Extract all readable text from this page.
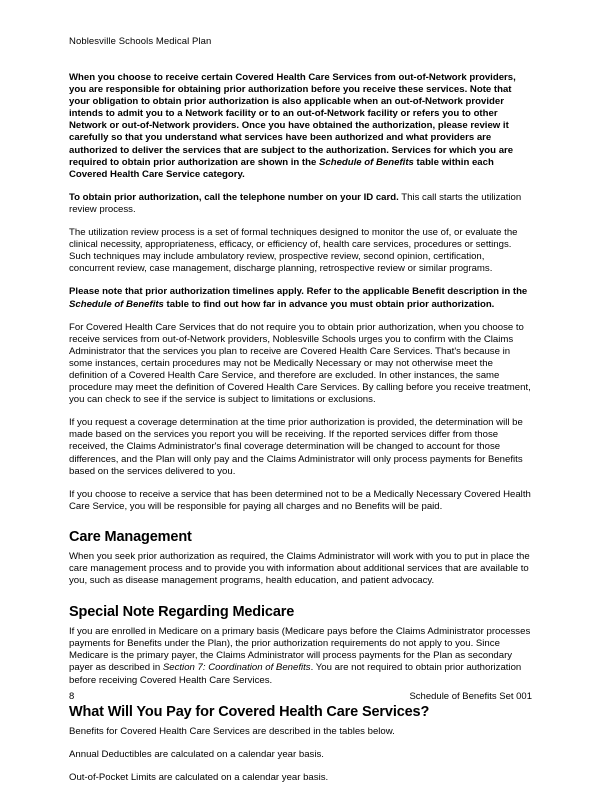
Noblesville Schools Medical Plan

When you choose to receive certain Covered Health Care Services from out-of-Network providers, you are responsible for obtaining prior authorization before you receive these services. Note that your obligation to obtain prior authorization is also applicable when an out-of-Network provider intends to admit you to a Network facility or to an out-of-Network facility or refers you to other Network or out-of-Network providers. Once you have obtained the authorization, please review it carefully so that you understand what services have been authorized and what providers are authorized to deliver the services that are subject to the authorization. Services for which you are required to obtain prior authorization are shown in the Schedule of Benefits table within each Covered Health Care Service category.

To obtain prior authorization, call the telephone number on your ID card. This call starts the utilization review process.

The utilization review process is a set of formal techniques designed to monitor the use of, or evaluate the clinical necessity, appropriateness, efficacy, or efficiency of, health care services, procedures or settings. Such techniques may include ambulatory review, prospective review, second opinion, certification, concurrent review, case management, discharge planning, retrospective review or similar programs.

Please note that prior authorization timelines apply. Refer to the applicable Benefit description in the Schedule of Benefits table to find out how far in advance you must obtain prior authorization.

For Covered Health Care Services that do not require you to obtain prior authorization, when you choose to receive services from out-of-Network providers, Noblesville Schools urges you to confirm with the Claims Administrator that the services you plan to receive are Covered Health Care Services. That's because in some instances, certain procedures may not be Medically Necessary or may not otherwise meet the definition of a Covered Health Care Service, and therefore are excluded. In other instances, the same procedure may meet the definition of Covered Health Care Services. By calling before you receive treatment, you can check to see if the service is subject to limitations or exclusions.

If you request a coverage determination at the time prior authorization is provided, the determination will be made based on the services you report you will be receiving. If the reported services differ from those received, the Claims Administrator's final coverage determination will be changed to account for those differences, and the Plan will only pay and the Claims Administrator will only process payments for Benefits based on the services delivered to you.

If you choose to receive a service that has been determined not to be a Medically Necessary Covered Health Care Service, you will be responsible for paying all charges and no Benefits will be paid.

Care Management

When you seek prior authorization as required, the Claims Administrator will work with you to put in place the care management process and to provide you with information about additional services that are available to you, such as disease management programs, health education, and patient advocacy.

Special Note Regarding Medicare

If you are enrolled in Medicare on a primary basis (Medicare pays before the Claims Administrator processes payments for Benefits under the Plan), the prior authorization requirements do not apply to you. Since Medicare is the primary payer, the Claims Administrator will process payments for the Plan as secondary payer as described in Section 7: Coordination of Benefits. You are not required to obtain prior authorization before receiving Covered Health Care Services.

What Will You Pay for Covered Health Care Services?

Benefits for Covered Health Care Services are described in the tables below.

Annual Deductibles are calculated on a calendar year basis.

Out-of-Pocket Limits are calculated on a calendar year basis.

8	Schedule of Benefits Set 001
